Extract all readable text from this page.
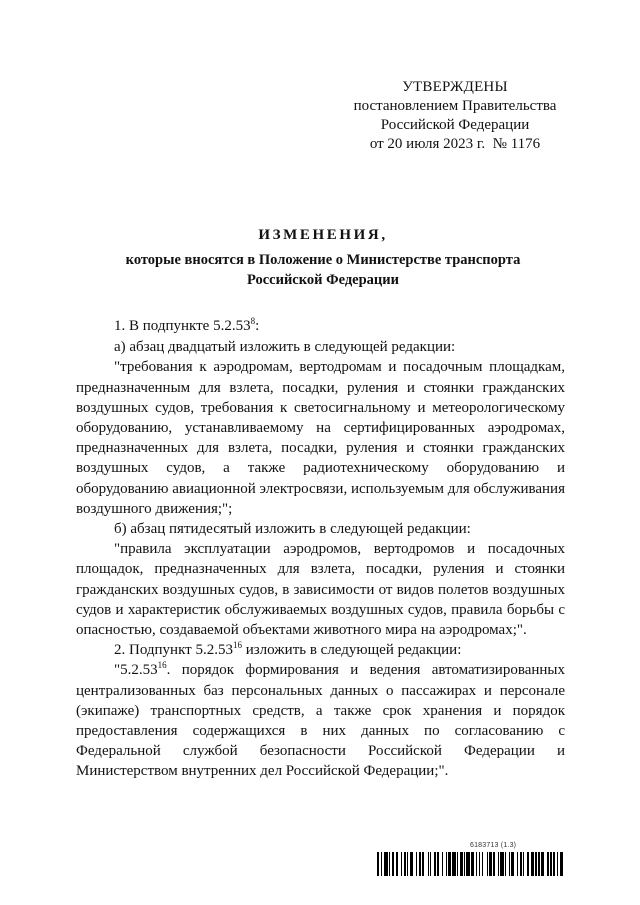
УТВЕРЖДЕНЫ
постановлением Правительства
Российской Федерации
от 20 июля 2023 г.  № 1176
ИЗМЕНЕНИЯ,
которые вносятся в Положение о Министерстве транспорта
Российской Федерации

1. В подпункте 5.2.53$^8$:

а) абзац двадцатый изложить в следующей редакции:

"требования к аэродромам, вертодромам и посадочным площадкам, предназначенным для взлета, посадки, руления и стоянки гражданских воздушных судов, требования к светосигнальному и метеорологическому оборудованию, устанавливаемому на сертифицированных аэродромах, предназначенных для взлета, посадки, руления и стоянки гражданских воздушных судов, а также радиотехническому оборудованию и оборудованию авиационной электросвязи, используемым для обслуживания воздушного движения;";

б) абзац пятидесятый изложить в следующей редакции:

"правила эксплуатации аэродромов, вертодромов и посадочных площадок, предназначенных для взлета, посадки, руления и стоянки гражданских воздушных судов, в зависимости от видов полетов воздушных судов и характеристик обслуживаемых воздушных судов, правила борьбы с опасностью, создаваемой объектами животного мира на аэродромах;".

2. Подпункт 5.2.53$^{16}$ изложить в следующей редакции:

"5.2.53$^{16}$. порядок формирования и ведения автоматизированных централизованных баз персональных данных о пассажирах и персонале (экипаже) транспортных средств, а также срок хранения и порядок предоставления содержащихся в них данных по согласованию с Федеральной службой безопасности Российской Федерации и Министерством внутренних дел Российской Федерации;".

6183713 (1.3)
